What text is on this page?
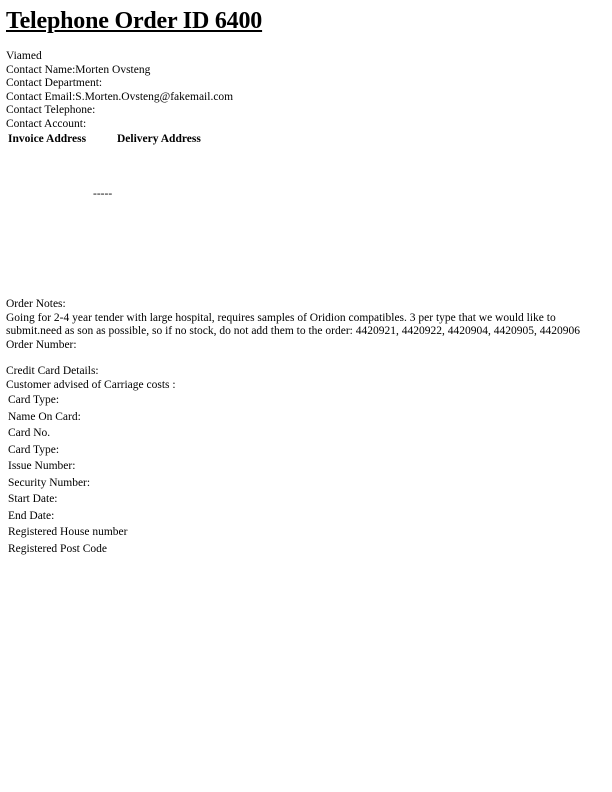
Telephone Order ID 6400
Viamed
Contact Name:Morten Ovsteng
Contact Department:
Contact Email:S.Morten.Ovsteng@fakemail.com
Contact Telephone:
Contact Account:
Invoice Address	Delivery Address
-----
Order Notes:
Going for 2-4 year tender with large hospital, requires samples of Oridion compatibles. 3 per type that we would like to
submit.need as son as possible, so if no stock, do not add them to the order: 4420921, 4420922, 4420904, 4420905, 4420906
Order Number:
Credit Card Details:
Customer advised of Carriage costs :
Card Type:
Name On Card:
Card No.
Card Type:
Issue Number:
Security Number:
Start Date:
End Date:
Registered House number
Registered Post Code
